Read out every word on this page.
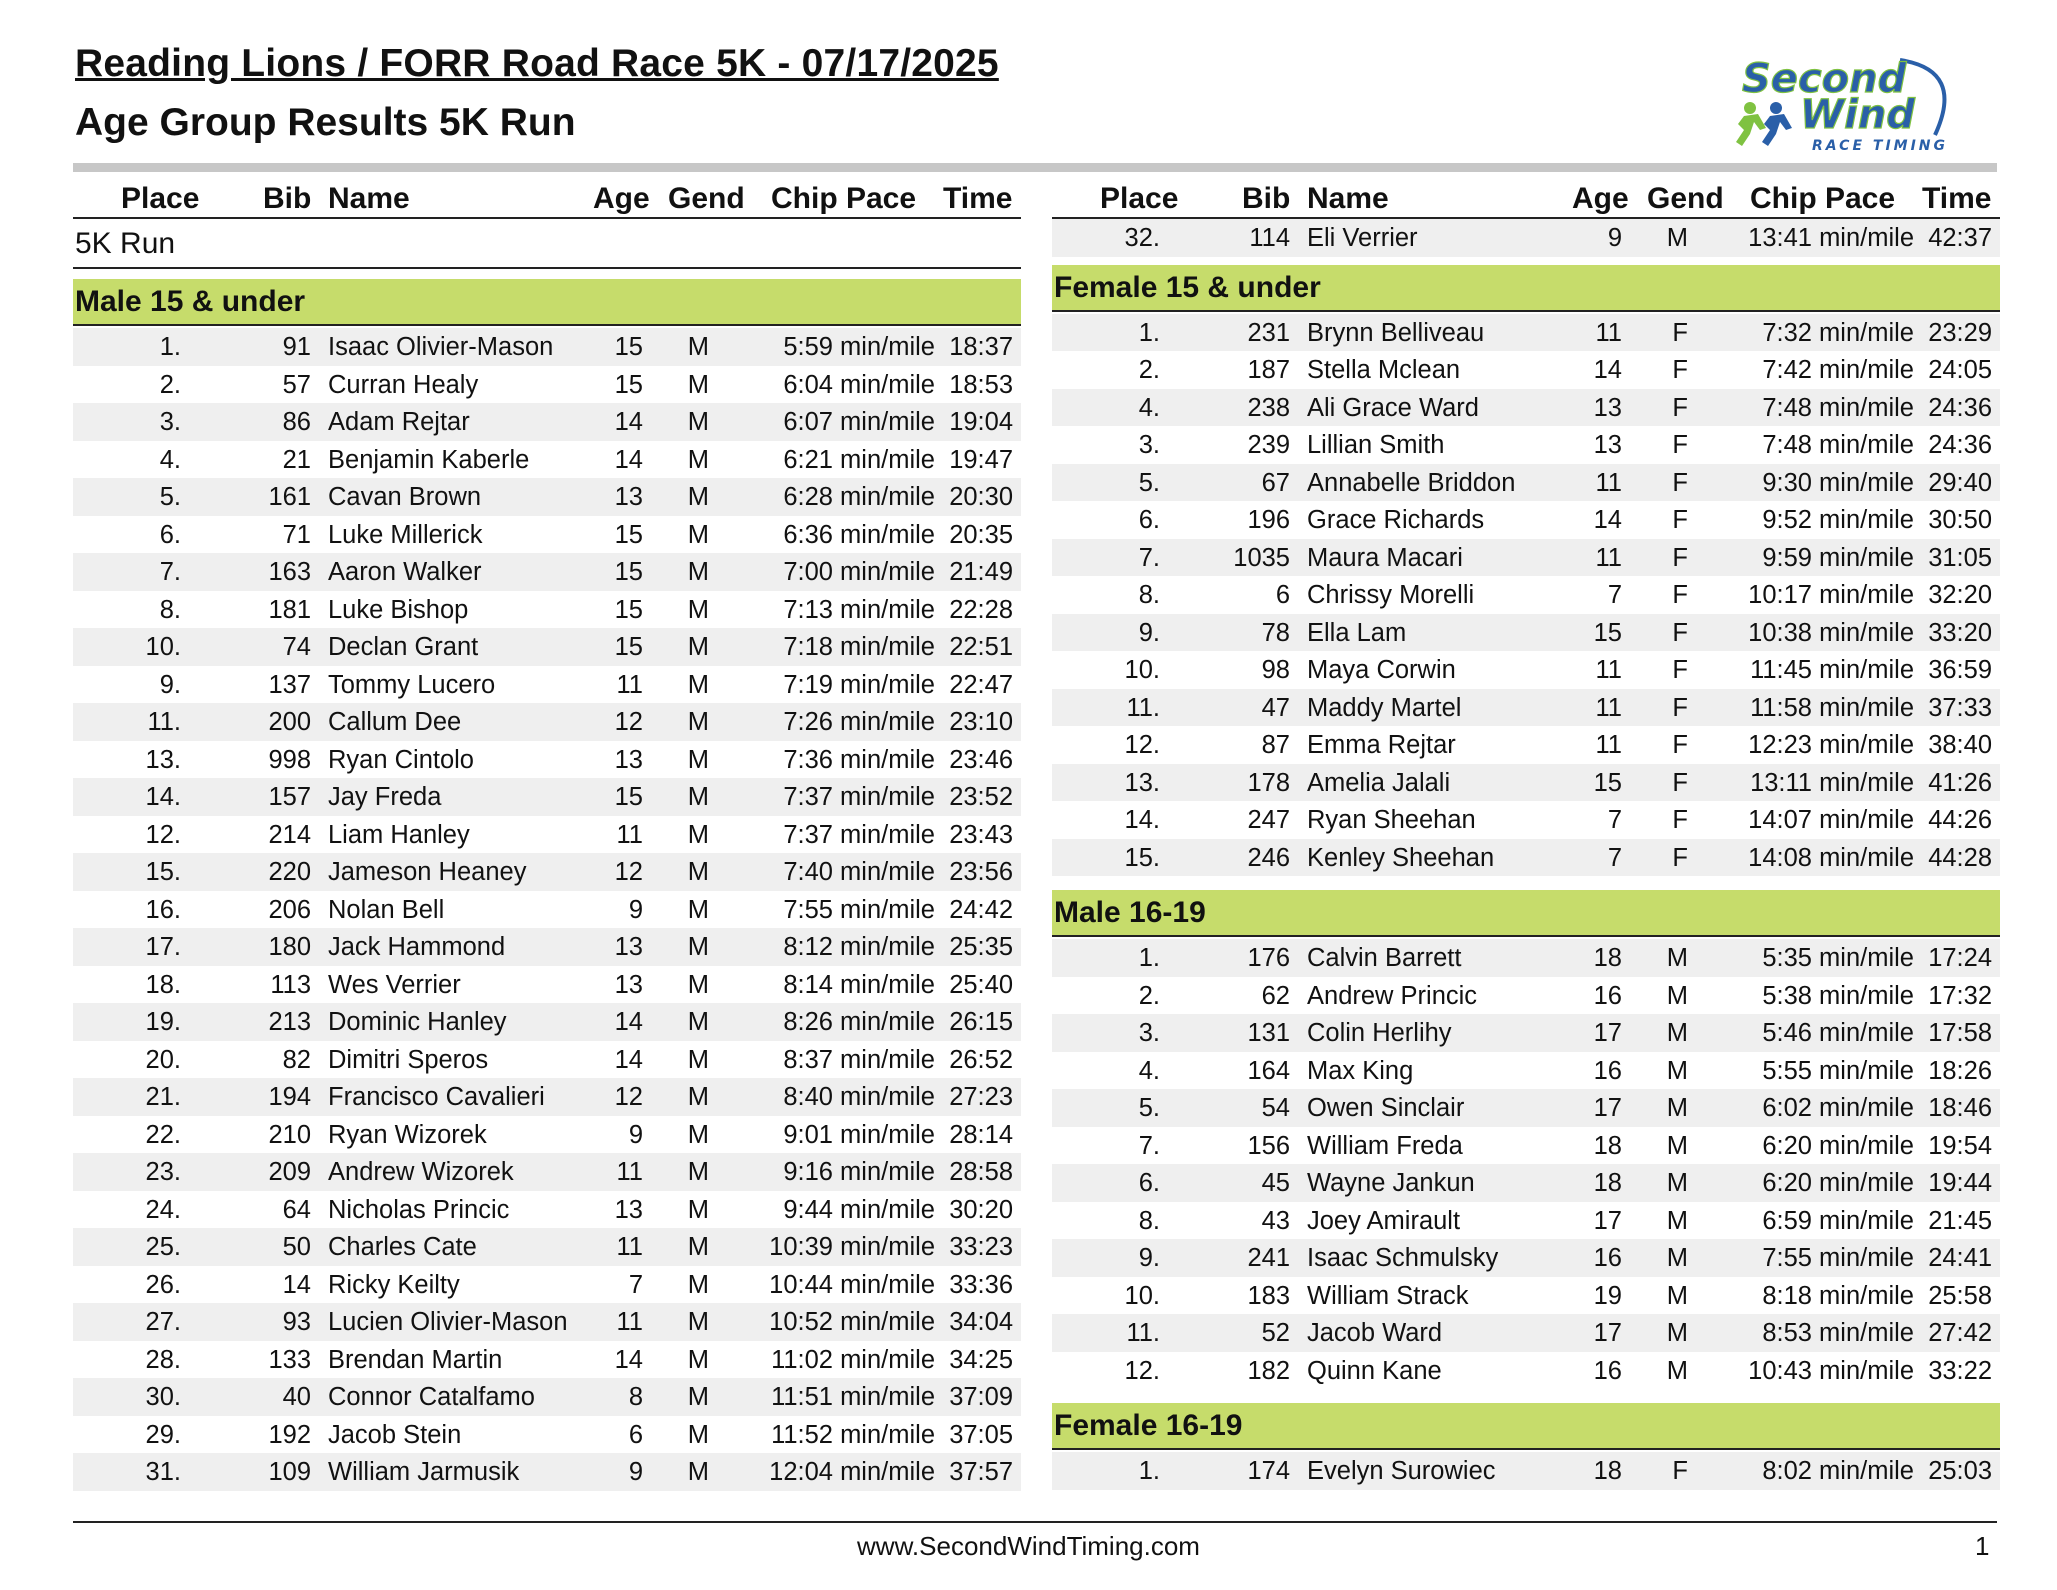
Reading Lions / FORR Road Race 5K - 07/17/2025
Age Group Results 5K Run
Second
Wind
RACE TIMING
Place Bib Name	Age Gend Chip Pace Time
5K Run
Male 15 & under
1.	91 Isaac Olivier-Mason 15 M	5:59 min/mile 18:37
2.	57 Curran Healy	15 M	6:04 min/mile 18:53
3.	86 Adam Rejtar	14 M	6:07 min/mile 19:04
4.	21 Benjamin Kaberle	14 M	6:21 min/mile 19:47
5.	161 Cavan Brown	13 M	6:28 min/mile 20:30
6.	71 Luke Millerick	15 M	6:36 min/mile 20:35
7.	163 Aaron Walker	15 M	7:00 min/mile 21:49
8.	181 Luke Bishop	15 M	7:13 min/mile 22:28
10.	74 Declan Grant	15 M	7:18 min/mile 22:51
9.	137 Tommy Lucero	11 M	7:19 min/mile 22:47
11.	200 Callum Dee	12 M	7:26 min/mile 23:10
13.	998 Ryan Cintolo	13 M	7:36 min/mile 23:46
14.	157 Jay Freda	15 M	7:37 min/mile 23:52
12.	214 Liam Hanley	11 M	7:37 min/mile 23:43
15.	220 Jameson Heaney	12 M	7:40 min/mile 23:56
16.	206 Nolan Bell	9 M	7:55 min/mile 24:42
17.	180 Jack Hammond	13 M	8:12 min/mile 25:35
18.	113 Wes Verrier	13 M	8:14 min/mile 25:40
19.	213 Dominic Hanley	14 M	8:26 min/mile 26:15
20.	82 Dimitri Speros	14 M	8:37 min/mile 26:52
21.	194 Francisco Cavalieri	12 M	8:40 min/mile 27:23
22.	210 Ryan Wizorek	9 M	9:01 min/mile 28:14
23.	209 Andrew Wizorek	11 M	9:16 min/mile 28:58
24.	64 Nicholas Princic	13 M	9:44 min/mile 30:20
25.	50 Charles Cate	11 M 10:39 min/mile 33:23
26.	14 Ricky Keilty	7 M 10:44 min/mile 33:36
27.	93 Lucien Olivier-Mason 11 M 10:52 min/mile 34:04
28.	133 Brendan Martin	14 M 11:02 min/mile 34:25
30.	40 Connor Catalfamo	8 M 11:51 min/mile 37:09
29.	192 Jacob Stein	6 M 11:52 min/mile 37:05
31.	109 William Jarmusik	9 M 12:04 min/mile 37:57
Place Bib Name	Age Gend Chip Pace Time
32.	114 Eli Verrier	9 M 13:41 min/mile 42:37
Female 15 & under
1.	231 Brynn Belliveau	11 F	7:32 min/mile 23:29
2.	187 Stella Mclean	14 F	7:42 min/mile 24:05
4.	238 Ali Grace Ward	13 F	7:48 min/mile 24:36
3.	239 Lillian Smith	13 F	7:48 min/mile 24:36
5.	67 Annabelle Briddon	11 F	9:30 min/mile 29:40
6.	196 Grace Richards	14 F	9:52 min/mile 30:50
7.	1035 Maura Macari	11 F	9:59 min/mile 31:05
8.	6 Chrissy Morelli	7 F 10:17 min/mile 32:20
9.	78 Ella Lam	15 F 10:38 min/mile 33:20
10.	98 Maya Corwin	11 F 11:45 min/mile 36:59
11.	47 Maddy Martel	11 F 11:58 min/mile 37:33
12.	87 Emma Rejtar	11 F 12:23 min/mile 38:40
13.	178 Amelia Jalali	15 F 13:11 min/mile 41:26
14.	247 Ryan Sheehan	7 F 14:07 min/mile 44:26
15.	246 Kenley Sheehan	7 F 14:08 min/mile 44:28
Male 16-19
1.	176 Calvin Barrett	18 M	5:35 min/mile 17:24
2.	62 Andrew Princic	16 M	5:38 min/mile 17:32
3.	131 Colin Herlihy	17 M	5:46 min/mile 17:58
4.	164 Max King	16 M	5:55 min/mile 18:26
5.	54 Owen Sinclair	17 M	6:02 min/mile 18:46
7.	156 William Freda	18 M	6:20 min/mile 19:54
6.	45 Wayne Jankun	18 M	6:20 min/mile 19:44
8.	43 Joey Amirault	17 M	6:59 min/mile 21:45
9.	241 Isaac Schmulsky	16 M	7:55 min/mile 24:41
10.	183 William Strack	19 M	8:18 min/mile 25:58
11.	52 Jacob Ward	17 M	8:53 min/mile 27:42
12.	182 Quinn Kane	16 M 10:43 min/mile 33:22
Female 16-19
1.	174 Evelyn Surowiec	18 F	8:02 min/mile 25:03
www.SecondWindTiming.com	1
